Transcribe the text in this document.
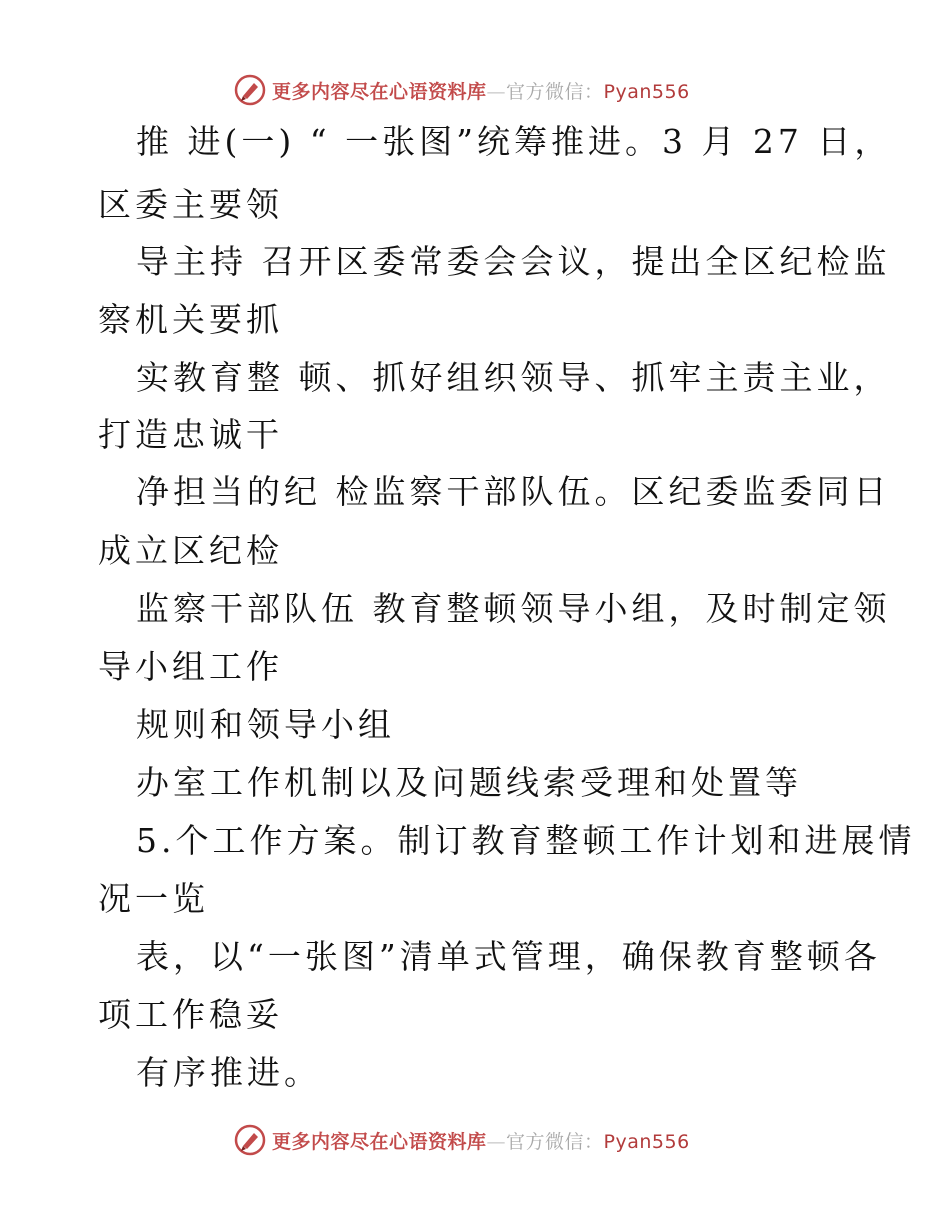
更多内容尽在心语资料库—官方微信：Pyan556
推 进(一) “ 一张图”统筹推进。3 月 27 日，
区委主要领
导主持 召开区委常委会会议，提出全区纪检监
察机关要抓
实教育整 顿、抓好组织领导、抓牢主责主业，
打造忠诚干
净担当的纪 检监察干部队伍。区纪委监委同日
成立区纪检
监察干部队伍 教育整顿领导小组，及时制定领
导小组工作
规则和领导小组
办室工作机制以及问题线索受理和处置等
5.个工作方案。制订教育整顿工作计划和进展情
况一览
表，以“一张图”清单式管理，确保教育整顿各
项工作稳妥
有序推进。
更多内容尽在心语资料库—官方微信：Pyan556
